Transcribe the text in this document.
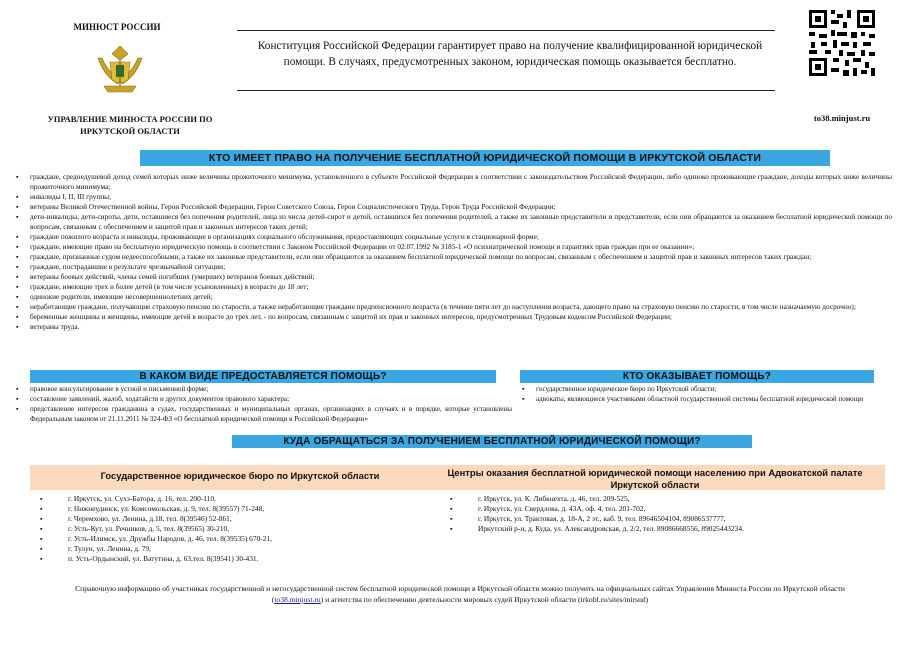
МИНЮСТ РОССИИ
УПРАВЛЕНИЕ МИНЮСТА РОССИИ ПО ИРКУТСКОЙ ОБЛАСТИ
Конституция Российской Федерации гарантирует право на получение квалифицированной юридической помощи. В случаях, предусмотренных законом, юридическая помощь оказывается бесплатно.
to38.minjust.ru
КТО ИМЕЕТ ПРАВО НА ПОЛУЧЕНИЕ БЕСПЛАТНОЙ ЮРИДИЧЕСКОЙ ПОМОЩИ В ИРКУТСКОЙ ОБЛАСТИ
▪ граждане, среднедушевой доход семей которых ниже величины прожиточного минимума, установленного в субъекте Российской Федерации в соответствии с законодательством Российской Федерации, либо одиноко проживающие граждане, доходы которых ниже величины прожиточного минимума;
▪ инвалиды I, II, III группы;
▪ ветераны Великой Отечественной войны, Герои Российской Федерации, Герои Советского Союза, Герои Социалистического Труда, Герои Труда Российской Федерации;
▪ дети-инвалиды, дети-сироты, дети, оставшиеся без попечения родителей, лица из числа детей-сирот и детей, оставшихся без попечения родителей, а также их законные представители и представители, если они обращаются за оказанием бесплатной юридической помощи по вопросам, связанным с обеспечением и защитой прав и законных интересов таких детей;
▪ граждане пожилого возраста и инвалиды, проживающие в организациях социального обслуживания, предоставляющих социальные услуги в стационарной форме;
▪ граждане, имеющие право на бесплатную юридическую помощь в соответствии с Законом Российской Федерации от 02.07.1992 № 3185-1 «О психиатрической помощи и гарантиях прав граждан при ее оказании»;
▪ граждане, признанные судом недееспособными, а также их законные представители, если они обращаются за оказанием бесплатной юридической помощи по вопросам, связанным с обеспечением и защитой прав и законных интересов таких граждан;
▪ граждане, пострадавшие в результате чрезвычайной ситуации;
▪ ветераны боевых действий, члены семей погибших (умерших) ветеранов боевых действий;
▪ граждане, имеющие трех и более детей (в том числе усыновленных) в возрасте до 18 лет;
▪ одинокие родители, имеющие несовершеннолетних детей;
▪ неработающие граждане, получающие страховую пенсию по старости, а также неработающие граждане предпенсионного возраста (в течение пяти лет до наступления возраста, дающего право на страховую пенсию по старости, в том числе назначаемую досрочно);
▪ беременные женщины и женщины, имеющие детей в возрасте до трех лет, - по вопросам, связанным с защитой их прав и законных интересов, предусмотренных Трудовым кодексом Российской Федерации;
▪ ветераны труда.
В КАКОМ ВИДЕ ПРЕДОСТАВЛЯЕТСЯ ПОМОЩЬ?
▪ правовое консультирование в устной и письменной форме;
▪ составление заявлений, жалоб, ходатайств и других документов правового характера;
▪ представление интересов гражданина в судах, государственных и муниципальных органах, организациях в случаях и в порядке, которые установлены Федеральным законом от 21.11.2011 № 324-ФЗ «О бесплатной юридической помощи в Российской Федерации»
КТО ОКАЗЫВАЕТ ПОМОЩЬ?
▪ государственное юридическое бюро по Иркутской области;
▪ адвокаты, являющиеся участниками областной государственной системы бесплатной юридической помощи
КУДА ОБРАЩАТЬСЯ ЗА ПОЛУЧЕНИЕМ БЕСПЛАТНОЙ ЮРИДИЧЕСКОЙ ПОМОЩИ?
Государственное юридическое бюро по Иркутской области	Центры оказания бесплатной юридической помощи населению при Адвокатской палате Иркутской области
▪ г. Иркутск, ул. Сухэ-Батора, д. 16, тел. 200-110,
▪ г. Нижнеудинск, ул. Комсомольская, д. 9, тел. 8(39557) 71-248,
▪ г. Черемхово, ул. Ленина, д.18, тел. 8(39546) 52-861,
▪ г. Усть-Кут, ул. Речников, д. 5, тел. 8(39565) 30-210,
▪ г. Усть-Илимск, ул. Дружбы Народов, д. 46, тел. 8(39535) 670-21,
▪ г. Тулун, ул. Ленина, д. 79,
▪ п. Усть-Ордынский, ул. Ватутина, д. 63,тел. 8(39541) 30-431.
▪ г. Иркутск, ул. К. Либкнехта, д. 46, тел. 209-525,
▪ г. Иркутск, ул. Свердлова, д. 43А, оф. 4, тел. 201-702,
▪ г. Иркутск, ул. Трактовая, д. 18-А, 2 эт., каб. 9, тел. 89646504104, 89086537777,
▪ Иркутский р-н, д. Куда, ул. Александровская, д. 2/2, тел. 89086668556, 89025443234.
Справочную информацию об участниках государственной и негосударственной систем бесплатной юридической помощи в Иркутской области можно получить на официальных сайтах Управления Минюста России по Иркутской области (to38.minjust.ru) и агентства по обеспечению деятельности мировых судей Иркутской области (irkobl.ru/sites/mirsud)
